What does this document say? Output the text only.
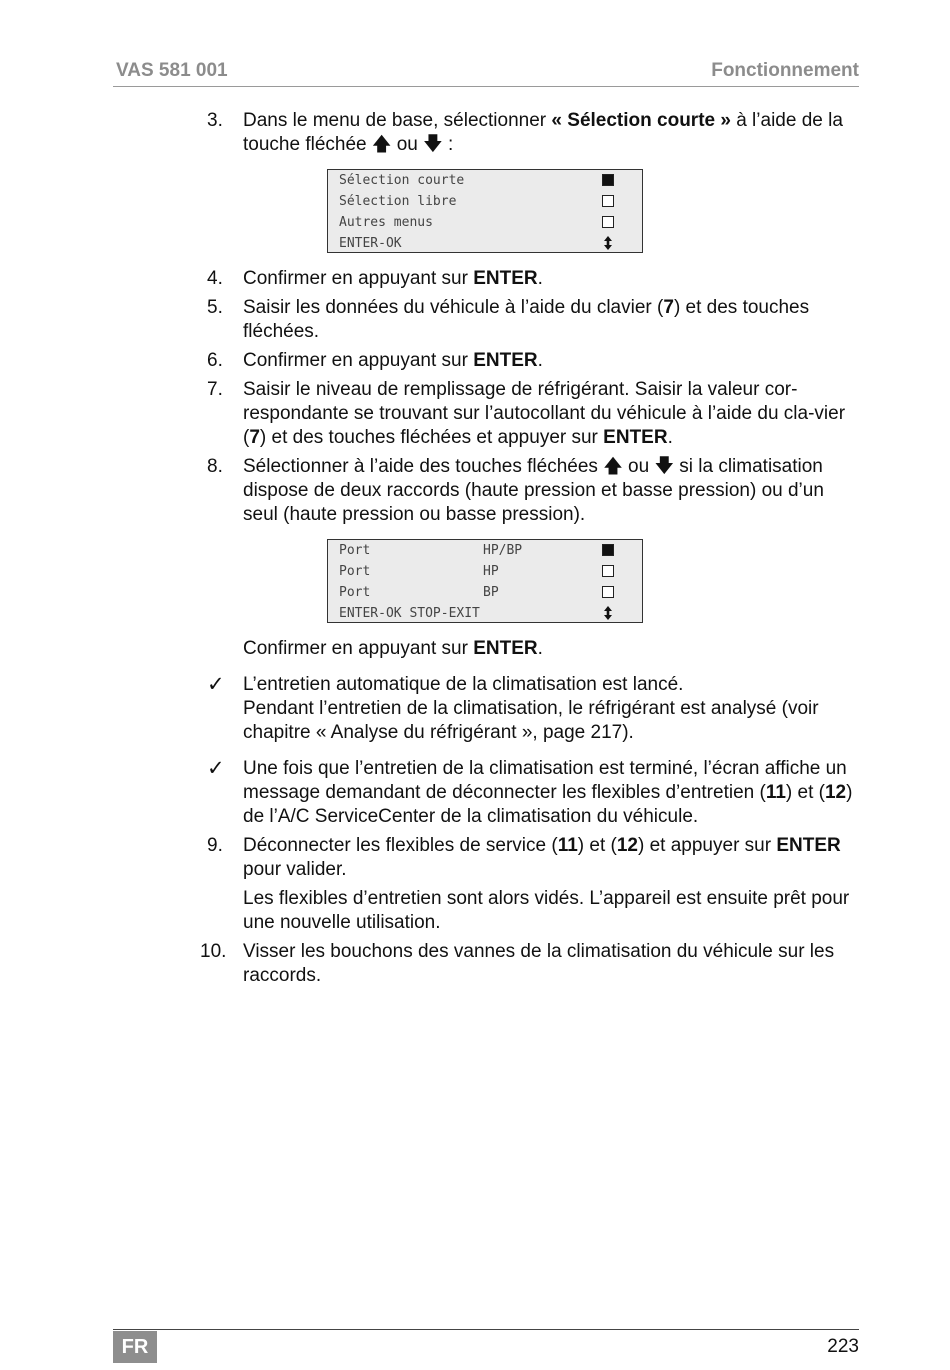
VAS 581 001	Fonctionnement
3. Dans le menu de base, sélectionner « Sélection courte » à l’aide de la touche fléchée 🡅 ou 🡇 :
Sélection courte
Sélection libre
Autres menus
ENTER-OK
4. Confirmer en appuyant sur ENTER.
5. Saisir les données du véhicule à l’aide du clavier (7) et des touches fléchées.
6. Confirmer en appuyant sur ENTER.
7. Saisir le niveau de remplissage de réfrigérant. Saisir la valeur cor-respondante se trouvant sur l’autocollant du véhicule à l’aide du cla-vier (7) et des touches fléchées et appuyer sur ENTER.
8. Sélectionner à l’aide des touches fléchées 🡅 ou 🡇 si la climatisation dispose de deux raccords (haute pression et basse pression) ou d’un seul (haute pression ou basse pression).
Port	HP/BP
Port	HP
Port	BP
ENTER-OK STOP-EXIT
Confirmer en appuyant sur ENTER.
✓ L’entretien automatique de la climatisation est lancé.
Pendant l’entretien de la climatisation, le réfrigérant est analysé (voir chapitre « Analyse du réfrigérant », page 217).
✓ Une fois que l’entretien de la climatisation est terminé, l’écran affiche un message demandant de déconnecter les flexibles d’entretien (11) et (12) de l’A/C ServiceCenter de la climatisation du véhicule.
9. Déconnecter les flexibles de service (11) et (12) et appuyer sur ENTER pour valider.
Les flexibles d’entretien sont alors vidés. L’appareil est ensuite prêt pour une nouvelle utilisation.
10. Visser les bouchons des vannes de la climatisation du véhicule sur les raccords.
FR	223
